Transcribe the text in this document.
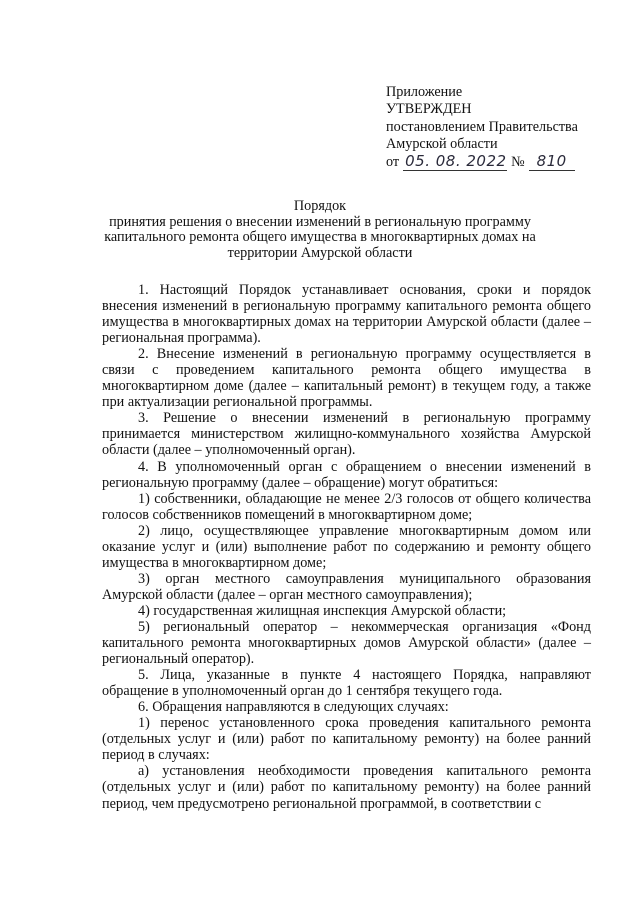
Приложение
УТВЕРЖДЕН
постановлением Правительства
Амурской области
от 05. 08. 2022 № 810
Порядок
принятия решения о внесении изменений в региональную программу капитального ремонта общего имущества в многоквартирных домах на территории Амурской области

1. Настоящий Порядок устанавливает основания, сроки и порядок внесения изменений в региональную программу капитального ремонта общего имущества в многоквартирных домах на территории Амурской области (далее – региональная программа).

2. Внесение изменений в региональную программу осуществляется в связи с проведением капитального ремонта общего имущества в многоквартирном доме (далее – капитальный ремонт) в текущем году, а также при актуализации региональной программы.

3. Решение о внесении изменений в региональную программу принимается министерством жилищно-коммунального хозяйства Амурской области (далее – уполномоченный орган).

4. В уполномоченный орган с обращением о внесении изменений в региональную программу (далее – обращение) могут обратиться:

1) собственники, обладающие не менее 2/3 голосов от общего количества голосов собственников помещений в многоквартирном доме;

2) лицо, осуществляющее управление многоквартирным домом или оказание услуг и (или) выполнение работ по содержанию и ремонту общего имущества в многоквартирном доме;

3) орган местного самоуправления муниципального образования Амурской области (далее – орган местного самоуправления);

4) государственная жилищная инспекция Амурской области;

5) региональный оператор – некоммерческая организация «Фонд капитального ремонта многоквартирных домов Амурской области» (далее – региональный оператор).

5. Лица, указанные в пункте 4 настоящего Порядка, направляют обращение в уполномоченный орган до 1 сентября текущего года.

6. Обращения направляются в следующих случаях:

1) перенос установленного срока проведения капитального ремонта (отдельных услуг и (или) работ по капитальному ремонту) на более ранний период в случаях:

а) установления необходимости проведения капитального ремонта (отдельных услуг и (или) работ по капитальному ремонту) на более ранний период, чем предусмотрено региональной программой, в соответствии с
